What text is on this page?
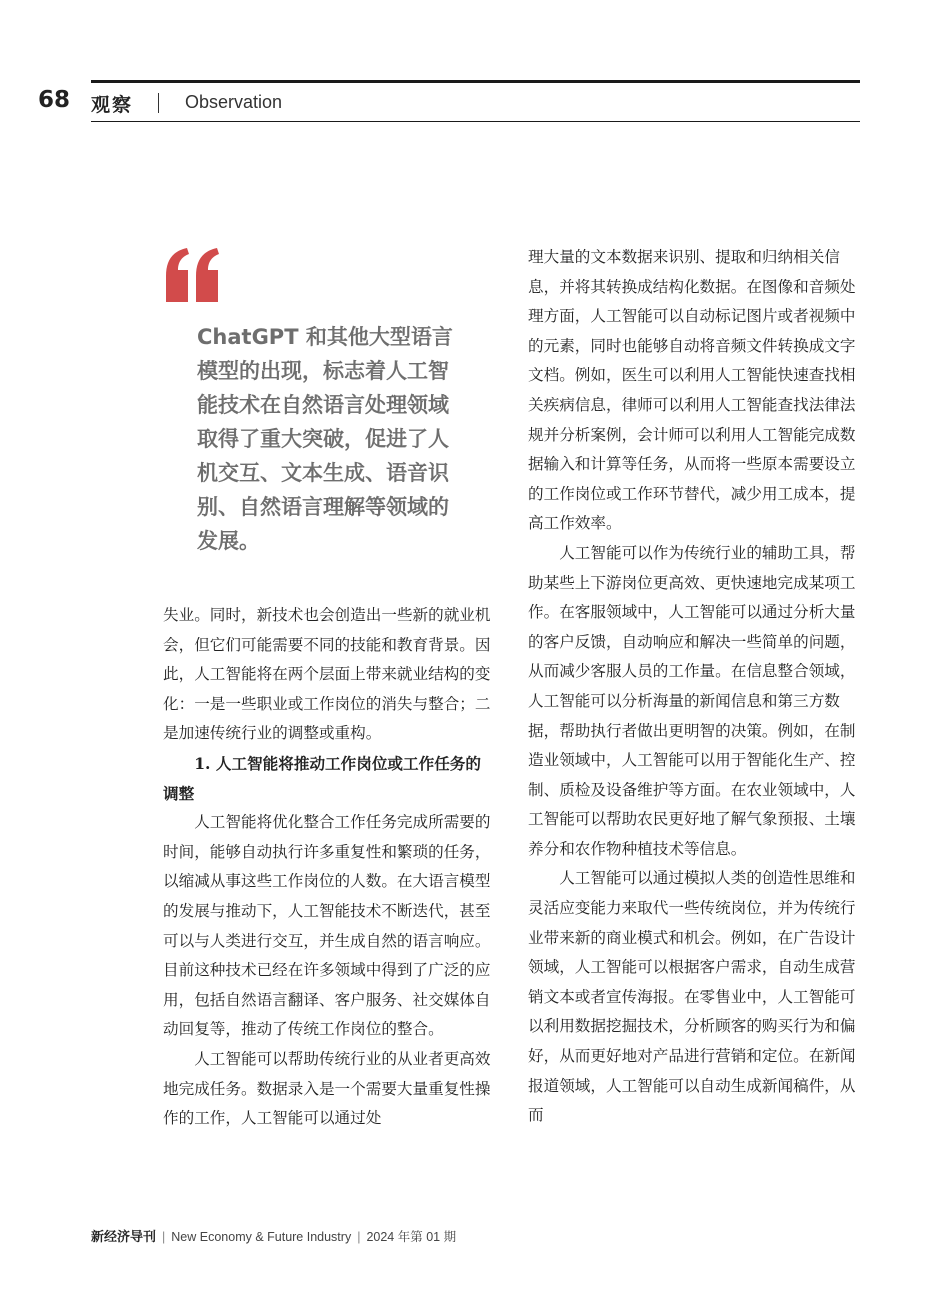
68 观察	Observation

ChatGPT 和其他大型语言

模型的出现，标志着人工智

能技术在自然语言处理领域

取得了重大突破，促进了人

机交互、文本生成、语音识

别、自然语言理解等领域的

发展。

失业。同时，新技术也会创造出一些新的就业机会，但它们可能需要不同的技能和教育背景。因此，人工智能将在两个层面上带来就业结构的变化：一是一些职业或工作岗位的消失与整合；二是加速传统行业的调整或重构。

1. 人工智能将推动工作岗位或工作任务的调整

人工智能将优化整合工作任务完成所需要的时间，能够自动执行许多重复性和繁琐的任务，以缩减从事这些工作岗位的人数。在大语言模型的发展与推动下，人工智能技术不断迭代，甚至可以与人类进行交互，并生成自然的语言响应。目前这种技术已经在许多领域中得到了广泛的应用，包括自然语言翻译、客户服务、社交媒体自动回复等，推动了传统工作岗位的整合。

人工智能可以帮助传统行业的从业者更高效地完成任务。数据录入是一个需要大量重复性操作的工作，人工智能可以通过处

理大量的文本数据来识别、提取和归纳相关信息，并将其转换成结构化数据。在图像和音频处理方面，人工智能可以自动标记图片或者视频中的元素，同时也能够自动将音频文件转换成文字文档。例如，医生可以利用人工智能快速查找相关疾病信息，律师可以利用人工智能查找法律法规并分析案例，会计师可以利用人工智能完成数据输入和计算等任务，从而将一些原本需要设立的工作岗位或工作环节替代，减少用工成本，提高工作效率。

人工智能可以作为传统行业的辅助工具，帮助某些上下游岗位更高效、更快速地完成某项工作。在客服领域中，人工智能可以通过分析大量的客户反馈，自动响应和解决一些简单的问题，从而减少客服人员的工作量。在信息整合领域，人工智能可以分析海量的新闻信息和第三方数据，帮助执行者做出更明智的决策。例如，在制造业领域中，人工智能可以用于智能化生产、控制、质检及设备维护等方面。在农业领域中，人工智能可以帮助农民更好地了解气象预报、土壤养分和农作物种植技术等信息。

人工智能可以通过模拟人类的创造性思维和灵活应变能力来取代一些传统岗位，并为传统行业带来新的商业模式和机会。例如，在广告设计领域，人工智能可以根据客户需求，自动生成营销文本或者宣传海报。在零售业中，人工智能可以利用数据挖掘技术，分析顾客的购买行为和偏好，从而更好地对产品进行营销和定位。在新闻报道领域，人工智能可以自动生成新闻稿件，从而

新经济导刊 | New Economy & Future Industry | 2024 年第 01 期
